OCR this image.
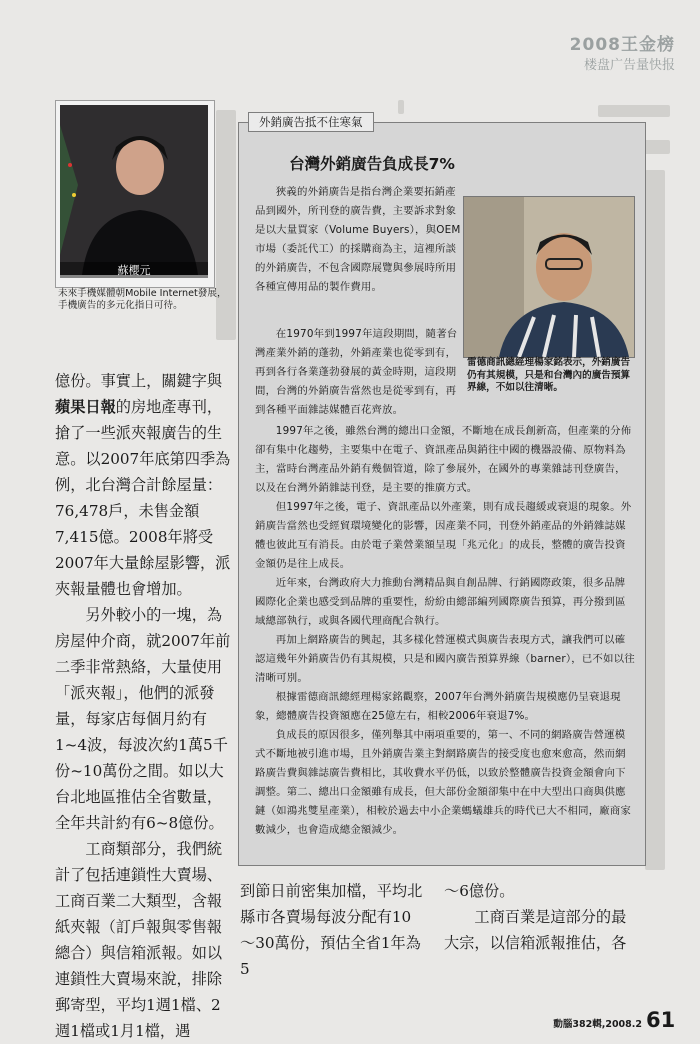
2008王金榜
楼盘广告量快报
蘇櫻元
未來手機媒體朝Mobile Internet發展，手機廣告的多元化指日可待。

億份。事實上，關鍵字與蘋果日報的房地產專刊，搶了一些派夾報廣告的生意。以2007年底第四季為例，北台灣合計餘屋量：76,478戶，未售金額7,415億。2008年將受2007年大量餘屋影響，派夾報量體也會增加。

另外較小的一塊，為房屋仲介商，就2007年前二季非常熱絡，大量使用「派夾報」，他們的派發量，每家店每個月約有1~4波，每波次約1萬5千份~10萬份之間。如以大台北地區推估全省數量，全年共計約有6~8億份。

工商類部分，我們統計了包括連鎖性大賣場、工商百業二大類型，含報紙夾報（訂戶報與零售報總合）與信箱派報。如以連鎖性大賣場來說，排除郵寄型，平均1週1檔、2週1檔或1月1檔，遇

外銷廣告抵不住寒氣
台灣外銷廣告負成長7%
狹義的外銷廣告是指台灣企業要拓銷產品到國外，所刊登的廣告費，主要訴求對象是以大量買家（Volume Buyers），與OEM市場（委託代工）的採購商為主，這裡所談的外銷廣告，不包含國際展覽與參展時所用各種宣傳用品的製作費用。
在1970年到1997年這段期間，隨著台灣產業外銷的蓬勃，外銷產業也從零到有，再到各行各業蓬勃發展的黃金時期，這段期間，台灣的外銷廣告當然也是從零到有，再到各種平面雜誌媒體百花齊放。
雷德商訊總經理楊家銘表示，外銷廣告仍有其規模，只是和台灣內的廣告預算界線，不如以往清晰。

1997年之後，雖然台灣的總出口金額，不斷地在成長創新高，但產業的分佈卻有集中化趨勢，主要集中在電子、資訊產品與銷往中國的機器設備、原物料為主，當時台灣產品外銷有幾個管道，除了參展外，在國外的專業雜誌刊登廣告，以及在台灣外銷雜誌刊登，是主要的推廣方式。

但1997年之後，電子、資訊產品以外產業，則有成長趨緩或衰退的現象。外銷廣告當然也受經貿環境變化的影響，因產業不同，刊登外銷產品的外銷雜誌媒體也彼此互有消長。由於電子業營業額呈現「兆元化」的成長，整體的廣告投資金額仍是往上成長。

近年來，台灣政府大力推動台灣精品與自創品牌、行銷國際政策，很多品牌國際化企業也感受到品牌的重要性，紛紛由總部編列國際廣告預算，再分撥到區域總部執行，或與各國代理商配合執行。

再加上網路廣告的興起，其多樣化營運模式與廣告表現方式，讓我們可以確認這幾年外銷廣告仍有其規模，只是和國內廣告預算界線（barner），已不如以往清晰可別。

根據雷德商訊總經理楊家銘觀察，2007年台灣外銷廣告規模應仍呈衰退現象，總體廣告投資額應在25億左右，相較2006年衰退7%。

負成長的原因很多，僅列舉其中兩項重要的，第一、不同的網路廣告營運模式不斷地被引進市場，且外銷廣告業主對網路廣告的接受度也愈來愈高，然而網路廣告費與雜誌廣告費相比，其收費水平仍低，以致於整體廣告投資金額會向下調整。第二、總出口金額雖有成長，但大部份金額卻集中在中大型出口商與供應鏈（如鴻兆雙星產業），相較於過去中小企業螞蟻雄兵的時代已大不相同，廠商家數減少，也會造成總金額減少。

到節日前密集加檔，平均北縣市各賣場每波分配有10～30萬份，預估全省1年為5

～6億份。

工商百業是這部分的最大宗，以信箱派報推估，各

動腦382輯,2008.2 61
